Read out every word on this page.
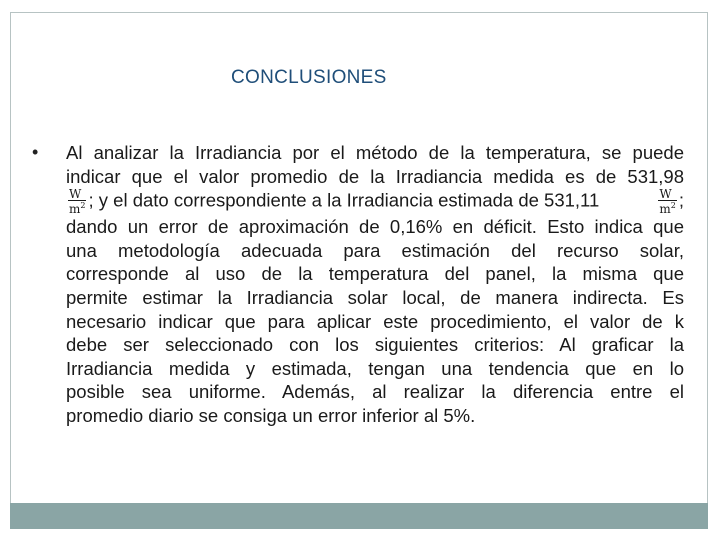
CONCLUSIONES
• Al analizar la Irradiancia por el método de la temperatura, se puede
indicar que el valor promedio de la Irradiancia medida es de 531,98
$\frac{W}{m^2}$ ; y el dato correspondiente a la Irradiancia estimada de 531,11	$\frac{W}{m^2}$ ;
dando un error de aproximación de 0,16% en déficit. Esto indica que
una metodología adecuada para estimación del recurso solar,
corresponde al uso de la temperatura del panel, la misma que
permite estimar la Irradiancia solar local, de manera indirecta. Es
necesario indicar que para aplicar este procedimiento, el valor de k
debe ser seleccionado con los siguientes criterios: Al graficar la
Irradiancia medida y estimada, tengan una tendencia que en lo
posible sea uniforme. Además, al realizar la diferencia entre el
promedio diario se consiga un error inferior al 5%.
